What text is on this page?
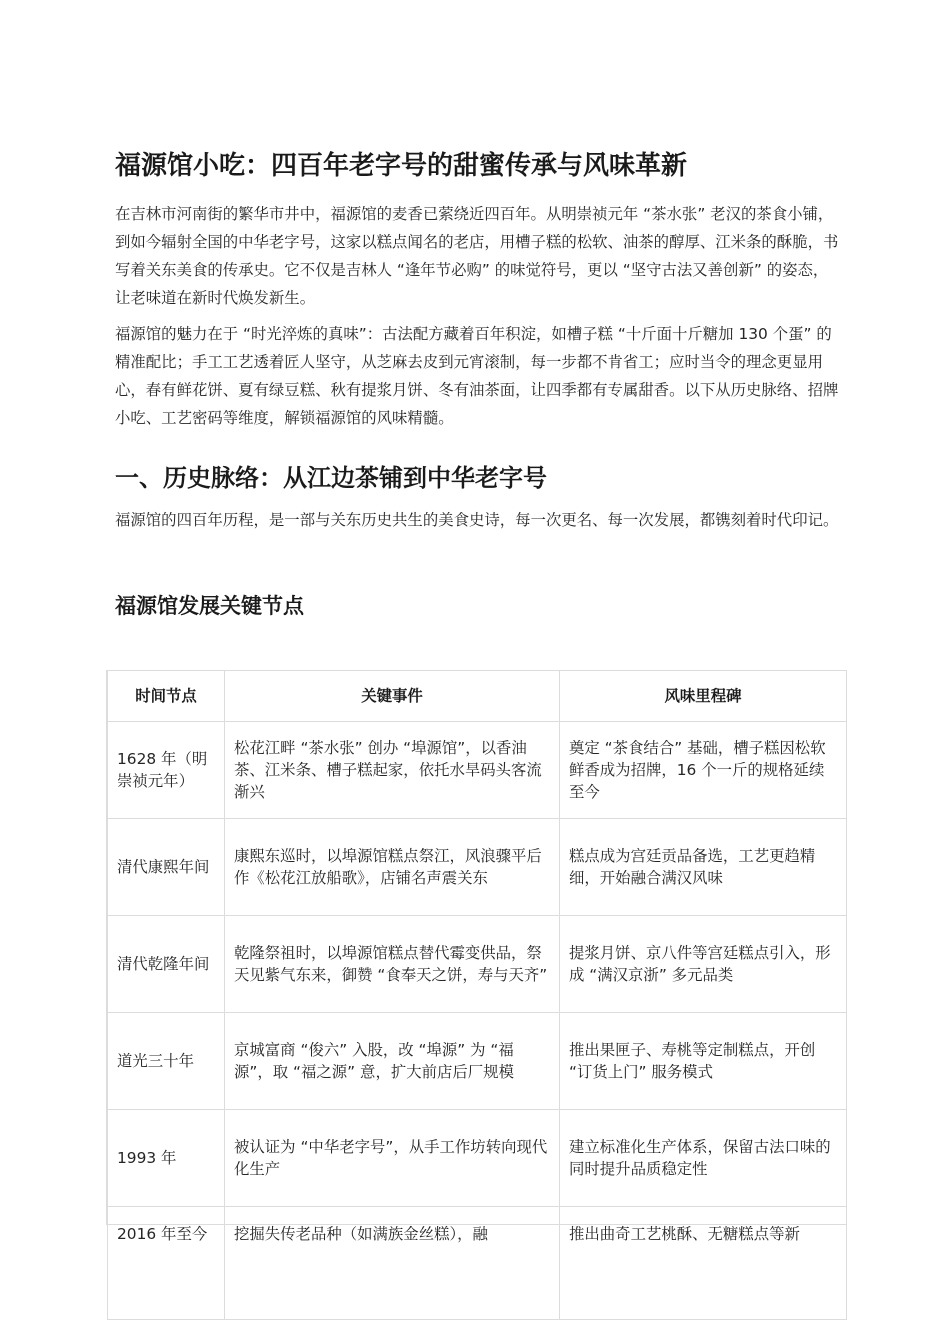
福源馆小吃：四百年老字号的甜蜜传承与风味革新

在吉林市河南街的繁华市井中，福源馆的麦香已萦绕近四百年。从明崇祯元年 “茶水张” 老汉的茶食小铺，到如今辐射全国的中华老字号，这家以糕点闻名的老店，用槽子糕的松软、油茶的醇厚、江米条的酥脆，书写着关东美食的传承史。它不仅是吉林人 “逢年节必购” 的味觉符号，更以 “坚守古法又善创新” 的姿态，让老味道在新时代焕发新生。

福源馆的魅力在于 “时光淬炼的真味”：古法配方藏着百年积淀，如槽子糕 “十斤面十斤糖加 130 个蛋” 的精准配比；手工工艺透着匠人坚守，从芝麻去皮到元宵滚制，每一步都不肯省工；应时当令的理念更显用心，春有鲜花饼、夏有绿豆糕、秋有提浆月饼、冬有油茶面，让四季都有专属甜香。以下从历史脉络、招牌小吃、工艺密码等维度，解锁福源馆的风味精髓。

一、历史脉络：从江边茶铺到中华老字号

福源馆的四百年历程，是一部与关东历史共生的美食史诗，每一次更名、每一次发展，都镌刻着时代印记。

福源馆发展关键节点
时间节点	关键事件	风味里程碑
1628 年（明崇祯元年）	松花江畔 “茶水张” 创办 “埠源馆”，以香油茶、江米条、槽子糕起家，依托水旱码头客流渐兴	奠定 “茶食结合” 基础，槽子糕因松软鲜香成为招牌，16 个一斤的规格延续至今
清代康熙年间	康熙东巡时，以埠源馆糕点祭江，风浪骤平后作《松花江放船歌》，店铺名声震关东	糕点成为宫廷贡品备选，工艺更趋精细，开始融合满汉风味
清代乾隆年间	乾隆祭祖时，以埠源馆糕点替代霉变供品，祭天见紫气东来，御赞 “食奉天之饼，寿与天齐”	提浆月饼、京八件等宫廷糕点引入，形成 “满汉京浙” 多元品类
道光三十年	京城富商 “俊六” 入股，改 “埠源” 为 “福源”，取 “福之源” 意，扩大前店后厂规模	推出果匣子、寿桃等定制糕点，开创 “订货上门” 服务模式
1993 年	被认证为 “中华老字号”，从手工作坊转向现代化生产	建立标准化生产体系，保留古法口味的同时提升品质稳定性
2016 年至今	挖掘失传老品种（如满族金丝糕），融	推出曲奇工艺桃酥、无糖糕点等新
